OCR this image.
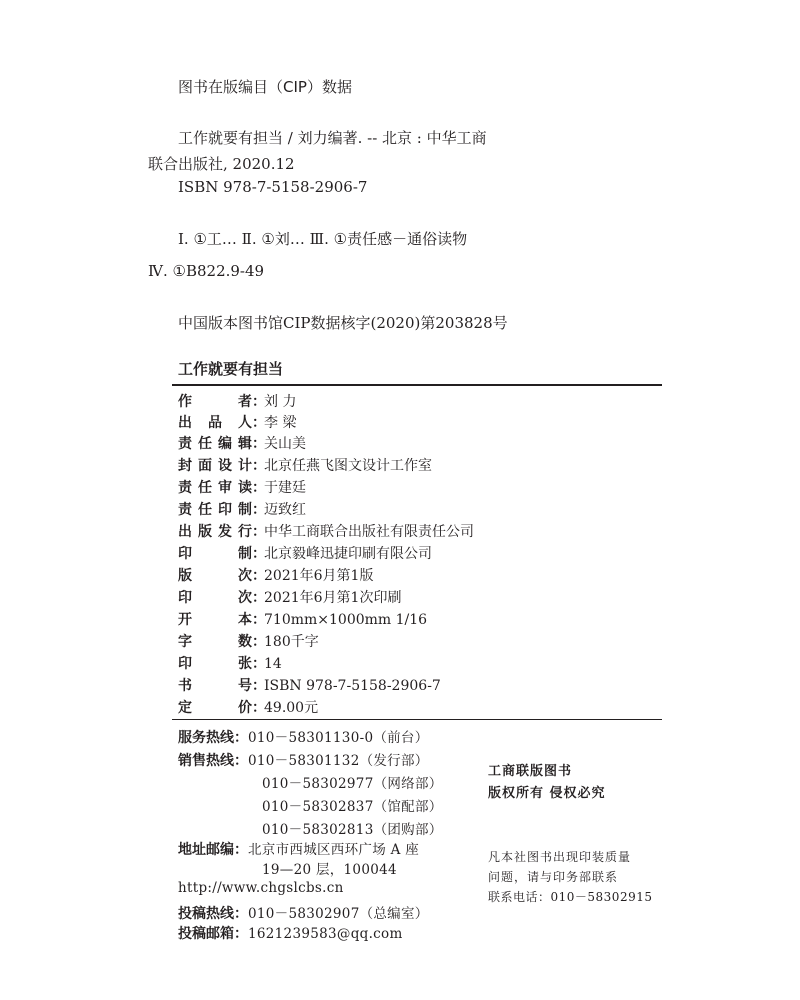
图书在版编目（CIP）数据
工作就要有担当 / 刘力编著. -- 北京 : 中华工商
联合出版社, 2020.12
ISBN 978-7-5158-2906-7
Ⅰ. ①工… Ⅱ. ①刘… Ⅲ. ①责任感－通俗读物
Ⅳ. ①B822.9-49
中国版本图书馆CIP数据核字(2020)第203828号
工作就要有担当
作者：刘 力
出品人：李 梁
责任编辑：关山美
封面设计：北京任燕飞图文设计工作室
责任审读：于建廷
责任印制：迈致红
出版发行：中华工商联合出版社有限责任公司
印制：北京毅峰迅捷印刷有限公司
版次：2021年6月第1版
印次：2021年6月第1次印刷
开本：710mm×1000mm 1/16
字数：180千字
印张：14
书号：ISBN 978-7-5158-2906-7
定价：49.00元
服务热线：010－58301130-0（前台）
销售热线：010－58301132（发行部）
010－58302977（网络部）
010－58302837（馆配部）
010－58302813（团购部）
地址邮编：北京市西城区西环广场 A 座
19—20 层，100044
http://www.chgslcbs.cn
投稿热线：010－58302907（总编室）
投稿邮箱：1621239583@qq.com
工商联版图书
版权所有 侵权必究
凡本社图书出现印装质量
问题，请与印务部联系
联系电话：010－58302915
